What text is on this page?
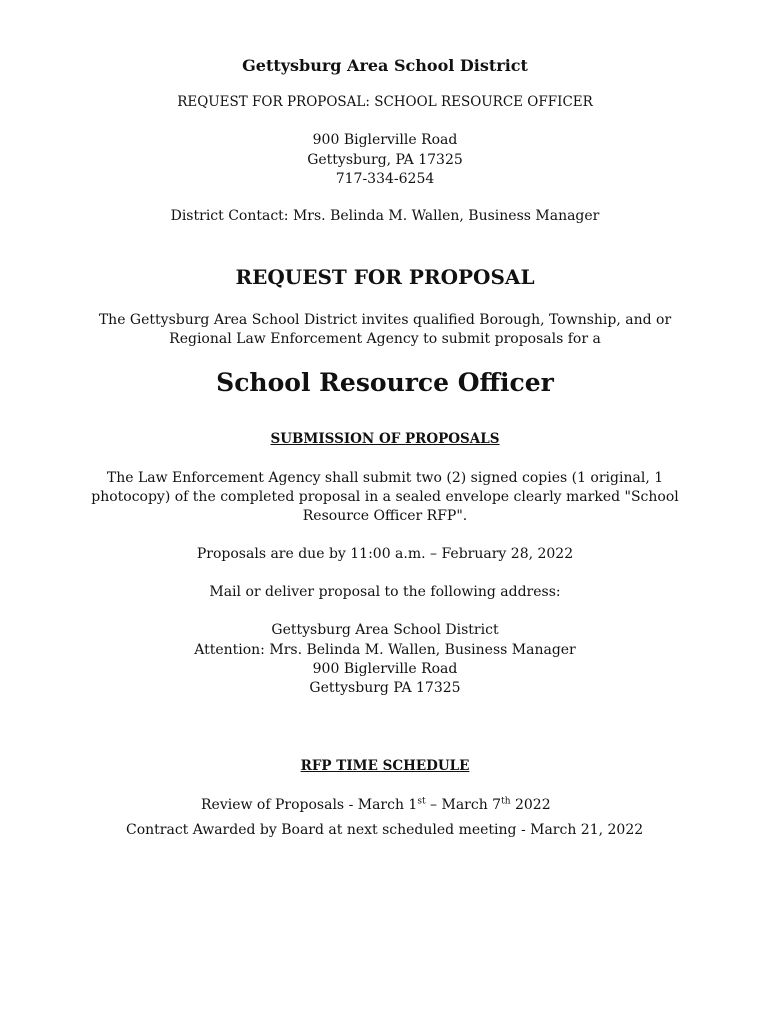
Gettysburg Area School District
REQUEST FOR PROPOSAL: SCHOOL RESOURCE OFFICER
900 Biglerville Road
Gettysburg, PA 17325
717-334-6254
District Contact: Mrs. Belinda M. Wallen, Business Manager
REQUEST FOR PROPOSAL
The Gettysburg Area School District invites qualified Borough, Township, and or
Regional Law Enforcement Agency to submit proposals for a
School Resource Officer
SUBMISSION OF PROPOSALS
The Law Enforcement Agency shall submit two (2) signed copies (1 original, 1
photocopy) of the completed proposal in a sealed envelope clearly marked "School
Resource Officer RFP".
Proposals are due by 11:00 a.m. – February 28, 2022
Mail or deliver proposal to the following address:
Gettysburg Area School District
Attention: Mrs. Belinda M. Wallen, Business Manager
900 Biglerville Road
Gettysburg PA 17325
RFP TIME SCHEDULE
Review of Proposals - March 1st – March 7th 2022
Contract Awarded by Board at next scheduled meeting - March 21, 2022
